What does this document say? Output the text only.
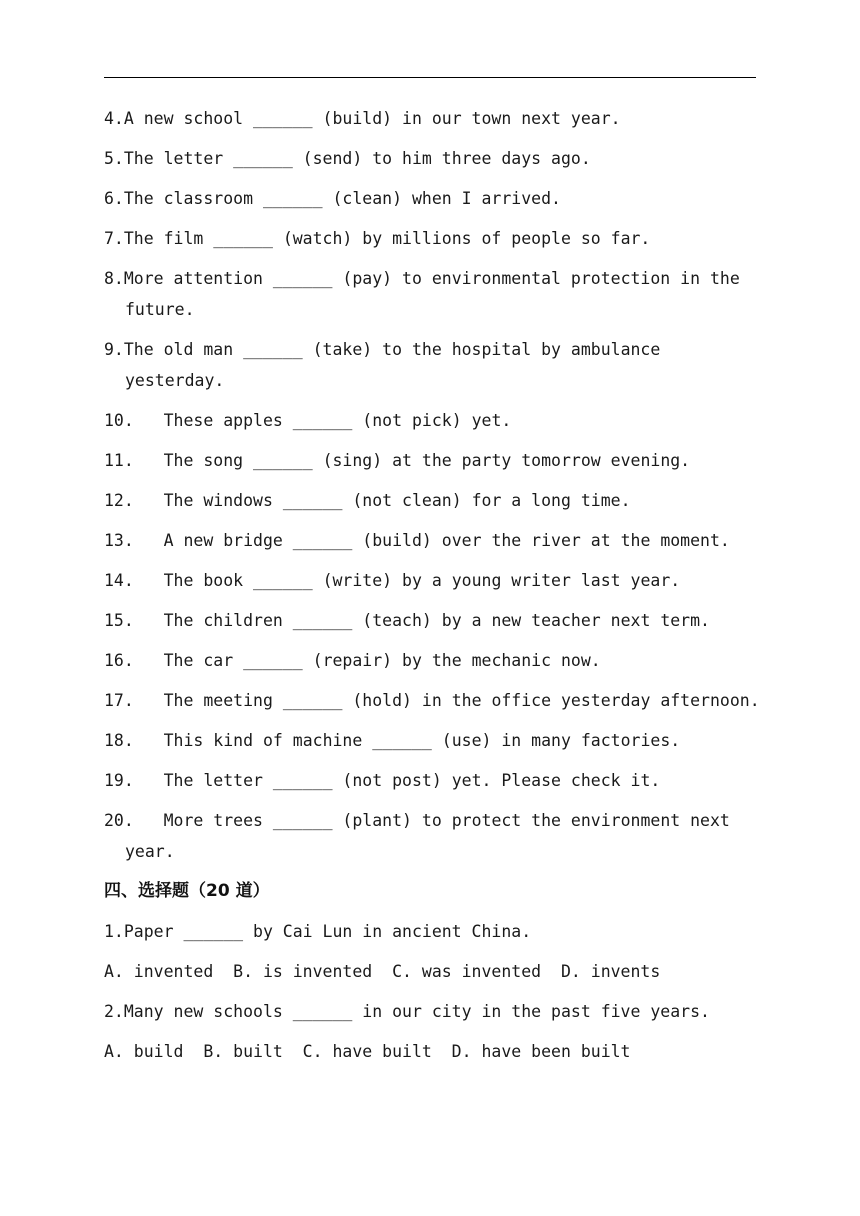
4.A new school ______ (build) in our town next year.
5.The letter ______ (send) to him three days ago.
6.The classroom ______ (clean) when I arrived.
7.The film ______ (watch) by millions of people so far.
8.More attention ______ (pay) to environmental protection in the future.
9.The old man ______ (take) to the hospital by ambulance yesterday.
10. These apples ______ (not pick) yet.
11. The song ______ (sing) at the party tomorrow evening.
12. The windows ______ (not clean) for a long time.
13. A new bridge ______ (build) over the river at the moment.
14. The book ______ (write) by a young writer last year.
15. The children ______ (teach) by a new teacher next term.
16. The car ______ (repair) by the mechanic now.
17. The meeting ______ (hold) in the office yesterday afternoon.
18. This kind of machine ______ (use) in many factories.
19. The letter ______ (not post) yet. Please check it.
20. More trees ______ (plant) to protect the environment next year.
四、选择题（20 道）
1.Paper ______ by Cai Lun in ancient China.
A. invented  B. is invented  C. was invented  D. invents
2.Many new schools ______ in our city in the past five years.
A. build  B. built  C. have built  D. have been built
